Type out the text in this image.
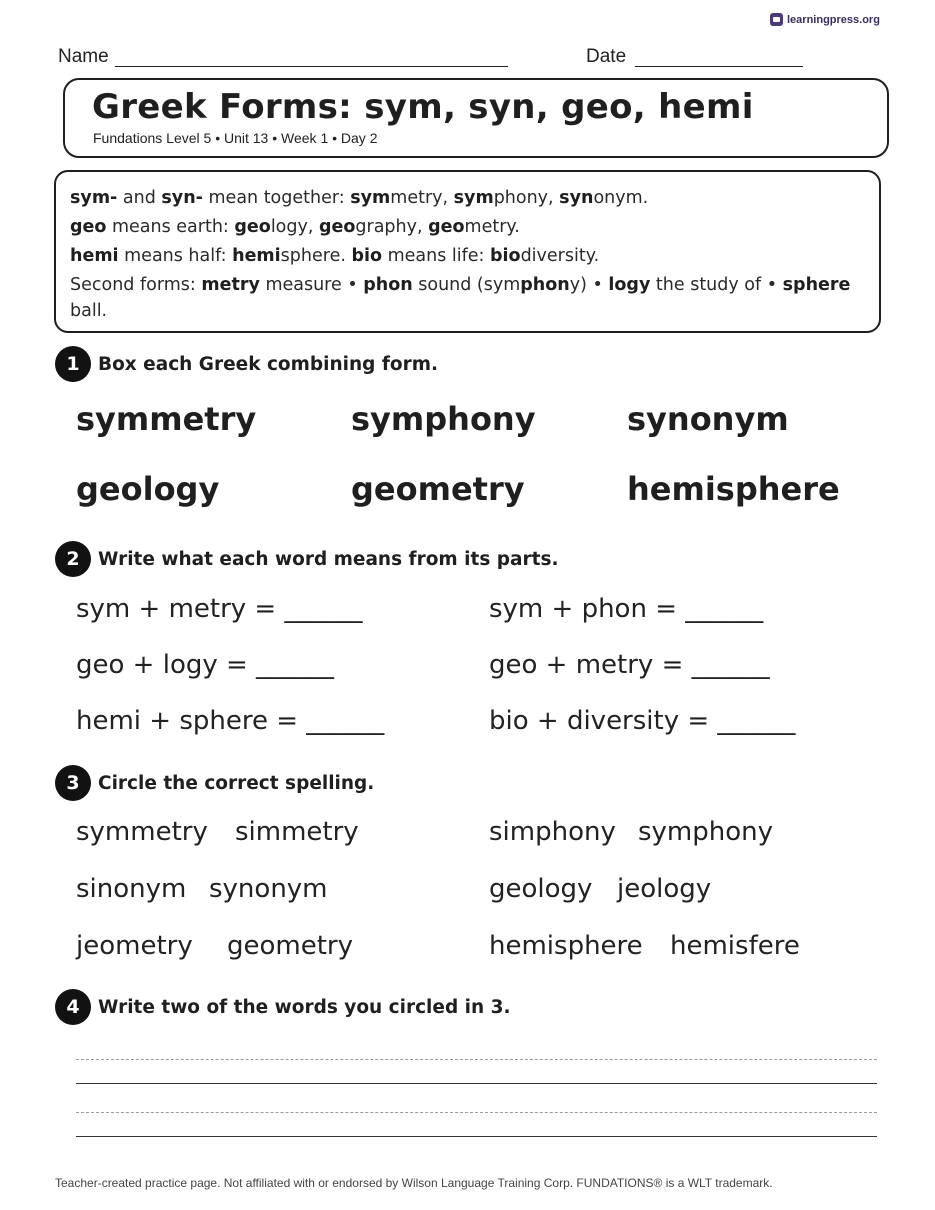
learningpress.org
Name	Date
Greek Forms: sym, syn, geo, hemi
Fundations Level 5 • Unit 13 • Week 1 • Day 2
sym- and syn- mean together: symmetry, symphony, synonym.
geo means earth: geology, geography, geometry.
hemi means half: hemisphere. bio means life: biodiversity.
Second forms: metry measure • phon sound (symphony) • logy the study of • sphere ball.
1 Box each Greek combining form.
symmetry	symphony	synonym
geology	geometry	hemisphere
2 Write what each word means from its parts.
sym + metry = ______	sym + phon = ______
geo + logy = ______	geo + metry = ______
hemi + sphere = ______	bio + diversity = ______
3 Circle the correct spelling.
symmetry simmetry	simphony symphony
sinonym synonym	geology jeology
jeometry geometry	hemisphere hemisfere
4 Write two of the words you circled in 3.
Teacher-created practice page. Not affiliated with or endorsed by Wilson Language Training Corp. FUNDATIONS® is a WLT trademark.
